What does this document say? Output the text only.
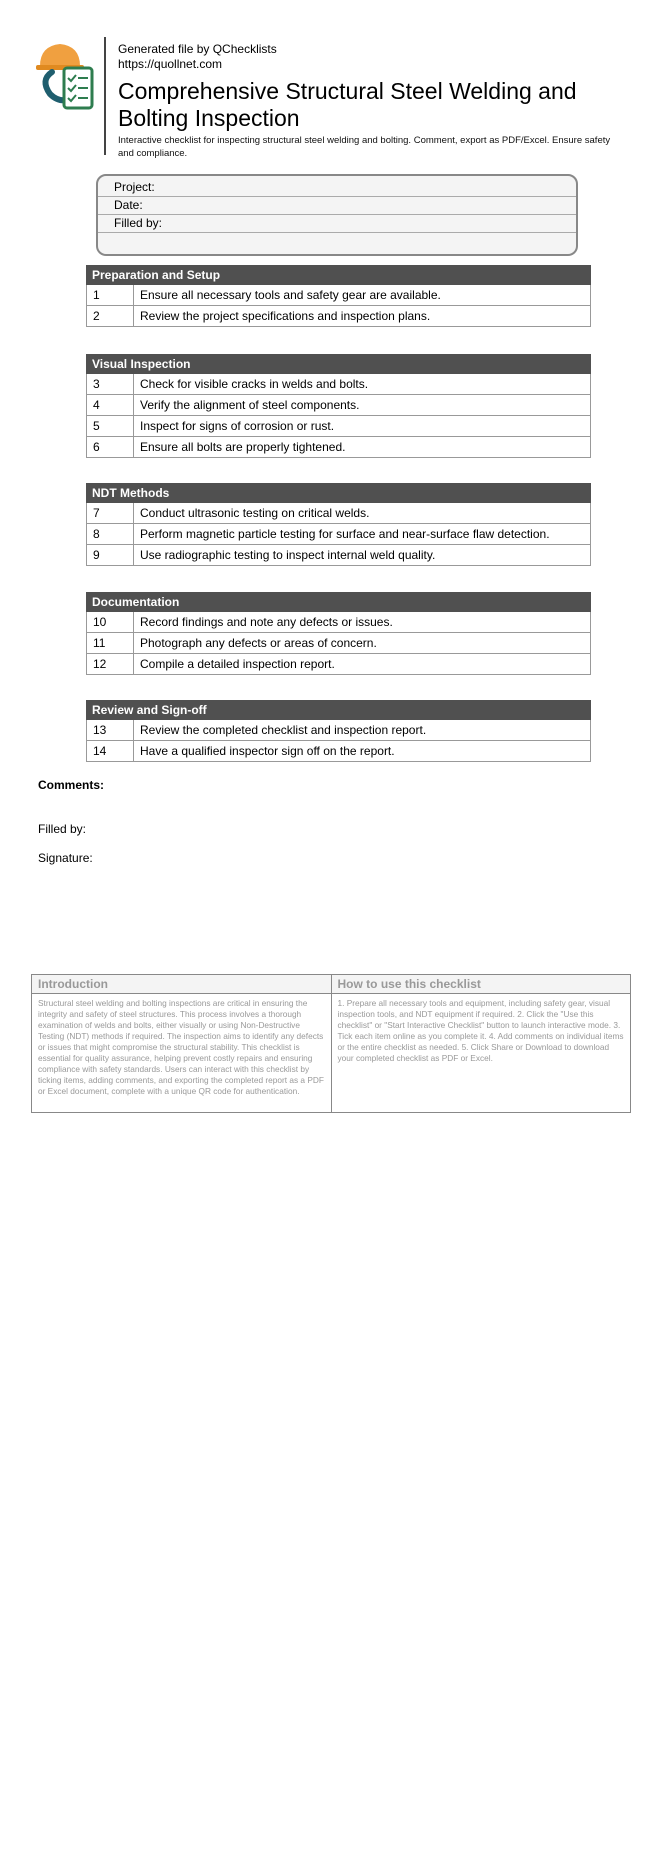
Generated file by QChecklists

https://quollnet.com

Comprehensive Structural Steel Welding and Bolting Inspection

Interactive checklist for inspecting structural steel welding and bolting. Comment, export as PDF/Excel. Ensure safety and compliance.

Project:
Date:
Filled by:
Preparation and Setup
1	Ensure all necessary tools and safety gear are available.
2	Review the project specifications and inspection plans.
Visual Inspection
3	Check for visible cracks in welds and bolts.
4	Verify the alignment of steel components.
5	Inspect for signs of corrosion or rust.
6	Ensure all bolts are properly tightened.
NDT Methods
7	Conduct ultrasonic testing on critical welds.
8	Perform magnetic particle testing for surface and near-surface flaw detection.
9	Use radiographic testing to inspect internal weld quality.
Documentation
10	Record findings and note any defects or issues.
11	Photograph any defects or areas of concern.
12	Compile a detailed inspection report.
Review and Sign-off
13	Review the completed checklist and inspection report.
14	Have a qualified inspector sign off on the report.
Comments:
Filled by:
Signature:
Introduction
Structural steel welding and bolting inspections are critical in ensuring the integrity and safety of steel structures. This process involves a thorough examination of welds and bolts, either visually or using Non-Destructive Testing (NDT) methods if required. The inspection aims to identify any defects or issues that might compromise the structural stability. This checklist is essential for quality assurance, helping prevent costly repairs and ensuring compliance with safety standards. Users can interact with this checklist by ticking items, adding comments, and exporting the completed report as a PDF or Excel document, complete with a unique QR code for authentication.
How to use this checklist
1. Prepare all necessary tools and equipment, including safety gear, visual inspection tools, and NDT equipment if required. 2. Click the "Use this checklist" or "Start Interactive Checklist" button to launch interactive mode. 3. Tick each item online as you complete it. 4. Add comments on individual items or the entire checklist as needed. 5. Click Share or Download to download your completed checklist as PDF or Excel.
